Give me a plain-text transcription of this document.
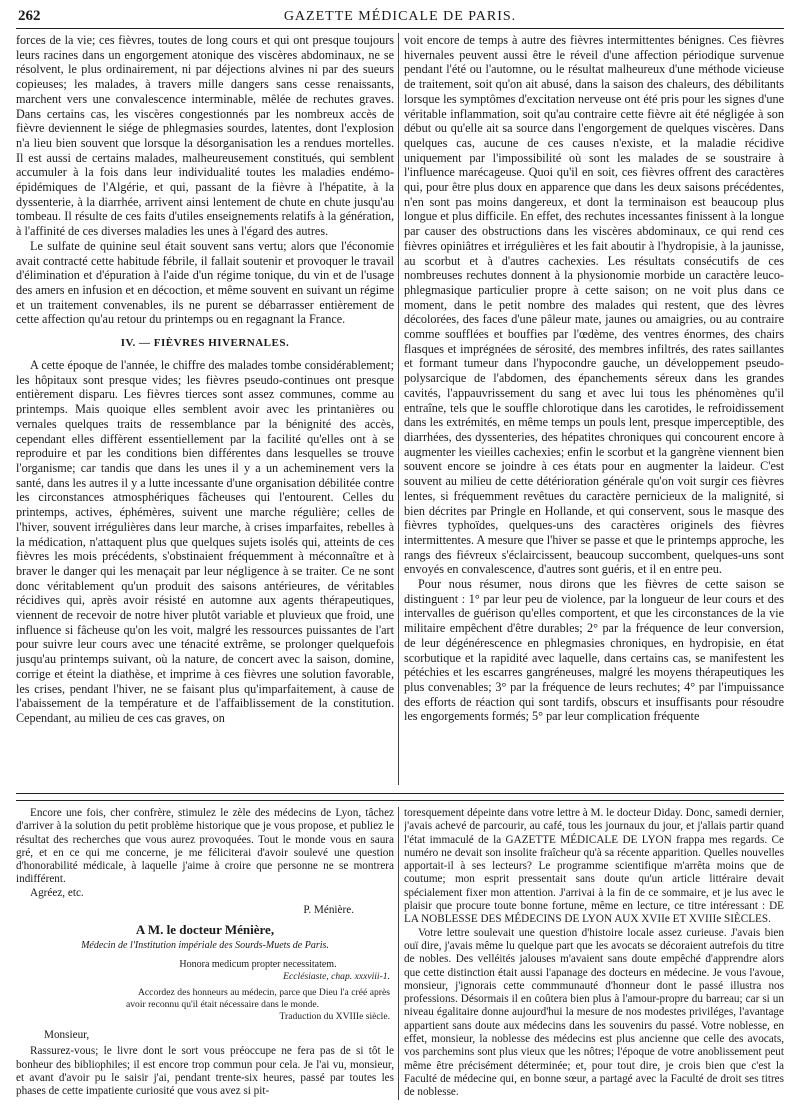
262	GAZETTE MÉDICALE DE PARIS.

forces de la vie; ces fièvres, toutes de long cours et qui ont presque toujours leurs racines dans un engorgement atonique des viscères abdominaux, ne se résolvent, le plus ordinairement, ni par déjections alvines ni par des sueurs copieuses; les malades, à travers mille dangers sans cesse renaissants, marchent vers une convalescence interminable, mêlée de rechutes graves. Dans certains cas, les viscères congestionnés par les nombreux accès de fièvre deviennent le siége de phlegmasies sourdes, latentes, dont l'explosion n'a lieu bien souvent que lorsque la désorganisation les a rendues mortelles. Il est aussi de certains malades, malheureusement constitués, qui semblent accumuler à la fois dans leur individualité toutes les maladies endémo-épidémiques de l'Algérie, et qui, passant de la fièvre à l'hépatite, à la dyssenterie, à la diarrhée, arrivent ainsi lentement de chute en chute jusqu'au tombeau. Il résulte de ces faits d'utiles enseignements relatifs à la génération, à l'affinité de ces diverses maladies les unes à l'égard des autres.

Le sulfate de quinine seul était souvent sans vertu; alors que l'économie avait contracté cette habitude fébrile, il fallait soutenir et provoquer le travail d'élimination et d'épuration à l'aide d'un régime tonique, du vin et de l'usage des amers en infusion et en décoction, et même souvent en suivant un régime et un traitement convenables, ils ne purent se débarrasser entièrement de cette affection qu'au retour du printemps ou en regagnant la France.

IV. — FIÈVRES HIVERNALES.

A cette époque de l'année, le chiffre des malades tombe considérablement; les hôpitaux sont presque vides; les fièvres pseudo-continues ont presque entièrement disparu. Les fièvres tierces sont assez communes, comme au printemps. Mais quoique elles semblent avoir avec les printanières ou vernales quelques traits de ressemblance par la bénignité des accès, cependant elles diffèrent essentiellement par la facilité qu'elles ont à se reproduire et par les conditions bien différentes dans lesquelles se trouve l'organisme; car tandis que dans les unes il y a un acheminement vers la santé, dans les autres il y a lutte incessante d'une organisation débilitée contre les circonstances atmosphériques fâcheuses qui l'entourent. Celles du printemps, actives, éphémères, suivent une marche régulière; celles de l'hiver, souvent irrégulières dans leur marche, à crises imparfaites, rebelles à la médication, n'attaquent plus que quelques sujets isolés qui, atteints de ces fièvres les mois précédents, s'obstinaient fréquemment à méconnaître et à braver le danger qui les menaçait par leur négligence à se traiter. Ce ne sont donc véritablement qu'un produit des saisons antérieures, de véritables récidives qui, après avoir résisté en automne aux agents thérapeutiques, viennent de recevoir de notre hiver plutôt variable et pluvieux que froid, une influence si fâcheuse qu'on les voit, malgré les ressources puissantes de l'art pour suivre leur cours avec une ténacité extrême, se prolonger quelquefois jusqu'au printemps suivant, où la nature, de concert avec la saison, domine, corrige et éteint la diathèse, et imprime à ces fièvres une solution favorable, les crises, pendant l'hiver, ne se faisant plus qu'imparfaitement, à cause de l'abaissement de la température et de l'affaiblissement de la constitution. Cependant, au milieu de ces cas graves, on

voit encore de temps à autre des fièvres intermittentes bénignes. Ces fièvres hivernales peuvent aussi être le réveil d'une affection périodique survenue pendant l'été ou l'automne, ou le résultat malheureux d'une méthode vicieuse de traitement, soit qu'on ait abusé, dans la saison des chaleurs, des débilitants lorsque les symptômes d'excitation nerveuse ont été pris pour les signes d'une véritable inflammation, soit qu'au contraire cette fièvre ait été négligée à son début ou qu'elle ait sa source dans l'engorgement de quelques viscères. Dans quelques cas, aucune de ces causes n'existe, et la maladie récidive uniquement par l'impossibilité où sont les malades de se soustraire à l'influence marécageuse. Quoi qu'il en soit, ces fièvres offrent des caractères qui, pour être plus doux en apparence que dans les deux saisons précédentes, n'en sont pas moins dangereux, et dont la terminaison est beaucoup plus longue et plus difficile. En effet, des rechutes incessantes finissent à la longue par causer des obstructions dans les viscères abdominaux, ce qui rend ces fièvres opiniâtres et irrégulières et les fait aboutir à l'hydropisie, à la jaunisse, au scorbut et à d'autres cachexies. Les résultats consécutifs de ces nombreuses rechutes donnent à la physionomie morbide un caractère leuco-phlegmasique particulier propre à cette saison; on ne voit plus dans ce moment, dans le petit nombre des malades qui restent, que des lèvres décolorées, des faces d'une pâleur mate, jaunes ou amaigries, ou au contraire comme soufflées et bouffies par l'œdème, des ventres énormes, des chairs flasques et imprégnées de sérosité, des membres infiltrés, des rates saillantes et formant tumeur dans l'hypocondre gauche, un développement pseudo-polysarcique de l'abdomen, des épanchements séreux dans les grandes cavités, l'appauvrissement du sang et avec lui tous les phénomènes qu'il entraîne, tels que le souffle chlorotique dans les carotides, le refroidissement dans les extrémités, en même temps un pouls lent, presque imperceptible, des diarrhées, des dyssenteries, des hépatites chroniques qui concourent encore à augmenter les vieilles cachexies; enfin le scorbut et la gangrène viennent bien souvent encore se joindre à ces états pour en augmenter la laideur. C'est souvent au milieu de cette détérioration générale qu'on voit surgir ces fièvres lentes, si fréquemment revêtues du caractère pernicieux de la malignité, si bien décrites par Pringle en Hollande, et qui conservent, sous le masque des fièvres typhoïdes, quelques-uns des caractères originels des fièvres intermittentes. A mesure que l'hiver se passe et que le printemps approche, les rangs des fiévreux s'éclaircissent, beaucoup succombent, quelques-uns sont envoyés en convalescence, d'autres sont guéris, et il en entre peu.

Pour nous résumer, nous dirons que les fièvres de cette saison se distinguent : 1° par leur peu de violence, par la longueur de leur cours et des intervalles de guérison qu'elles comportent, et que les circonstances de la vie militaire empêchent d'être durables; 2° par la fréquence de leur conversion, de leur dégénérescence en phlegmasies chroniques, en hydropisie, en état scorbutique et la rapidité avec laquelle, dans certains cas, se manifestent les pétéchies et les escarres gangréneuses, malgré les moyens thérapeutiques les plus convenables; 3° par la fréquence de leurs rechutes; 4° par l'impuissance des efforts de réaction qui sont tardifs, obscurs et insuffisants pour résoudre les engorgements formés; 5° par leur complication fréquente

Encore une fois, cher confrère, stimulez le zèle des médecins de Lyon, tâchez d'arriver à la solution du petit problème historique que je vous propose, et publiez le résultat des recherches que vous aurez provoquées. Tout le monde vous en saura gré, et en ce qui me concerne, je me féliciterai d'avoir soulevé une question d'honorabilité médicale, à laquelle j'aime à croire que personne ne se montrera indifférent.

Agréez, etc.

P. Ménière.
A M. le docteur Ménière,
Médecin de l'Institution impériale des Sourds-Muets de Paris.
Honora medicum propter necessitatem.
Ecclésiaste, chap. xxxviii-1.
Accordez des honneurs au médecin, parce que Dieu l'a créé après avoir reconnu qu'il était nécessaire dans le monde.
Traduction du XVIIIe siècle.

Monsieur,

Rassurez-vous; le livre dont le sort vous préoccupe ne fera pas de si tôt le bonheur des bibliophiles; il est encore trop commun pour cela. Je l'ai vu, monsieur, et avant d'avoir pu le saisir j'ai, pendant trente-six heures, passé par toutes les phases de cette impatiente curiosité que vous avez si pit-

toresquement dépeinte dans votre lettre à M. le docteur Diday. Donc, samedi dernier, j'avais achevé de parcourir, au café, tous les journaux du jour, et j'allais partir quand l'état immaculé de la GAZETTE MÉDICALE DE LYON frappa mes regards. Ce numéro ne devait son insolite fraîcheur qu'à sa récente apparition. Quelles nouvelles apportait-il à ses lecteurs? Le programme scientifique m'arrêta moins que de coutume; mon esprit pressentait sans doute qu'un article littéraire devait spécialement fixer mon attention. J'arrivai à la fin de ce sommaire, et je lus avec le plaisir que procure toute bonne fortune, même en lecture, ce titre intéressant : DE LA NOBLESSE DES MÉDECINS DE LYON AUX XVIIe ET XVIIIe SIÈCLES.

Votre lettre soulevait une question d'histoire locale assez curieuse. J'avais bien ouï dire, j'avais même lu quelque part que les avocats se décoraient autrefois du titre de nobles. Des velléités jalouses m'avaient sans doute empêché d'apprendre alors que cette distinction était aussi l'apanage des docteurs en médecine. Je vous l'avoue, monsieur, j'ignorais cette commmunauté d'honneur dont le passé illustra nos professions. Désormais il en coûtera bien plus à l'amour-propre du barreau; car si un niveau égalitaire donne aujourd'hui la mesure de nos modestes priviléges, l'avantage appartient sans doute aux médecins dans les souvenirs du passé. Votre noblesse, en effet, monsieur, la noblesse des médecins est plus ancienne que celle des avocats, vos parchemins sont plus vieux que les nôtres; l'époque de votre anoblissement peut même être précisément déterminée; et, pour tout dire, je crois bien que c'est la Faculté de médecine qui, en bonne sœur, a partagé avec la Faculté de droit ses titres de noblesse.
